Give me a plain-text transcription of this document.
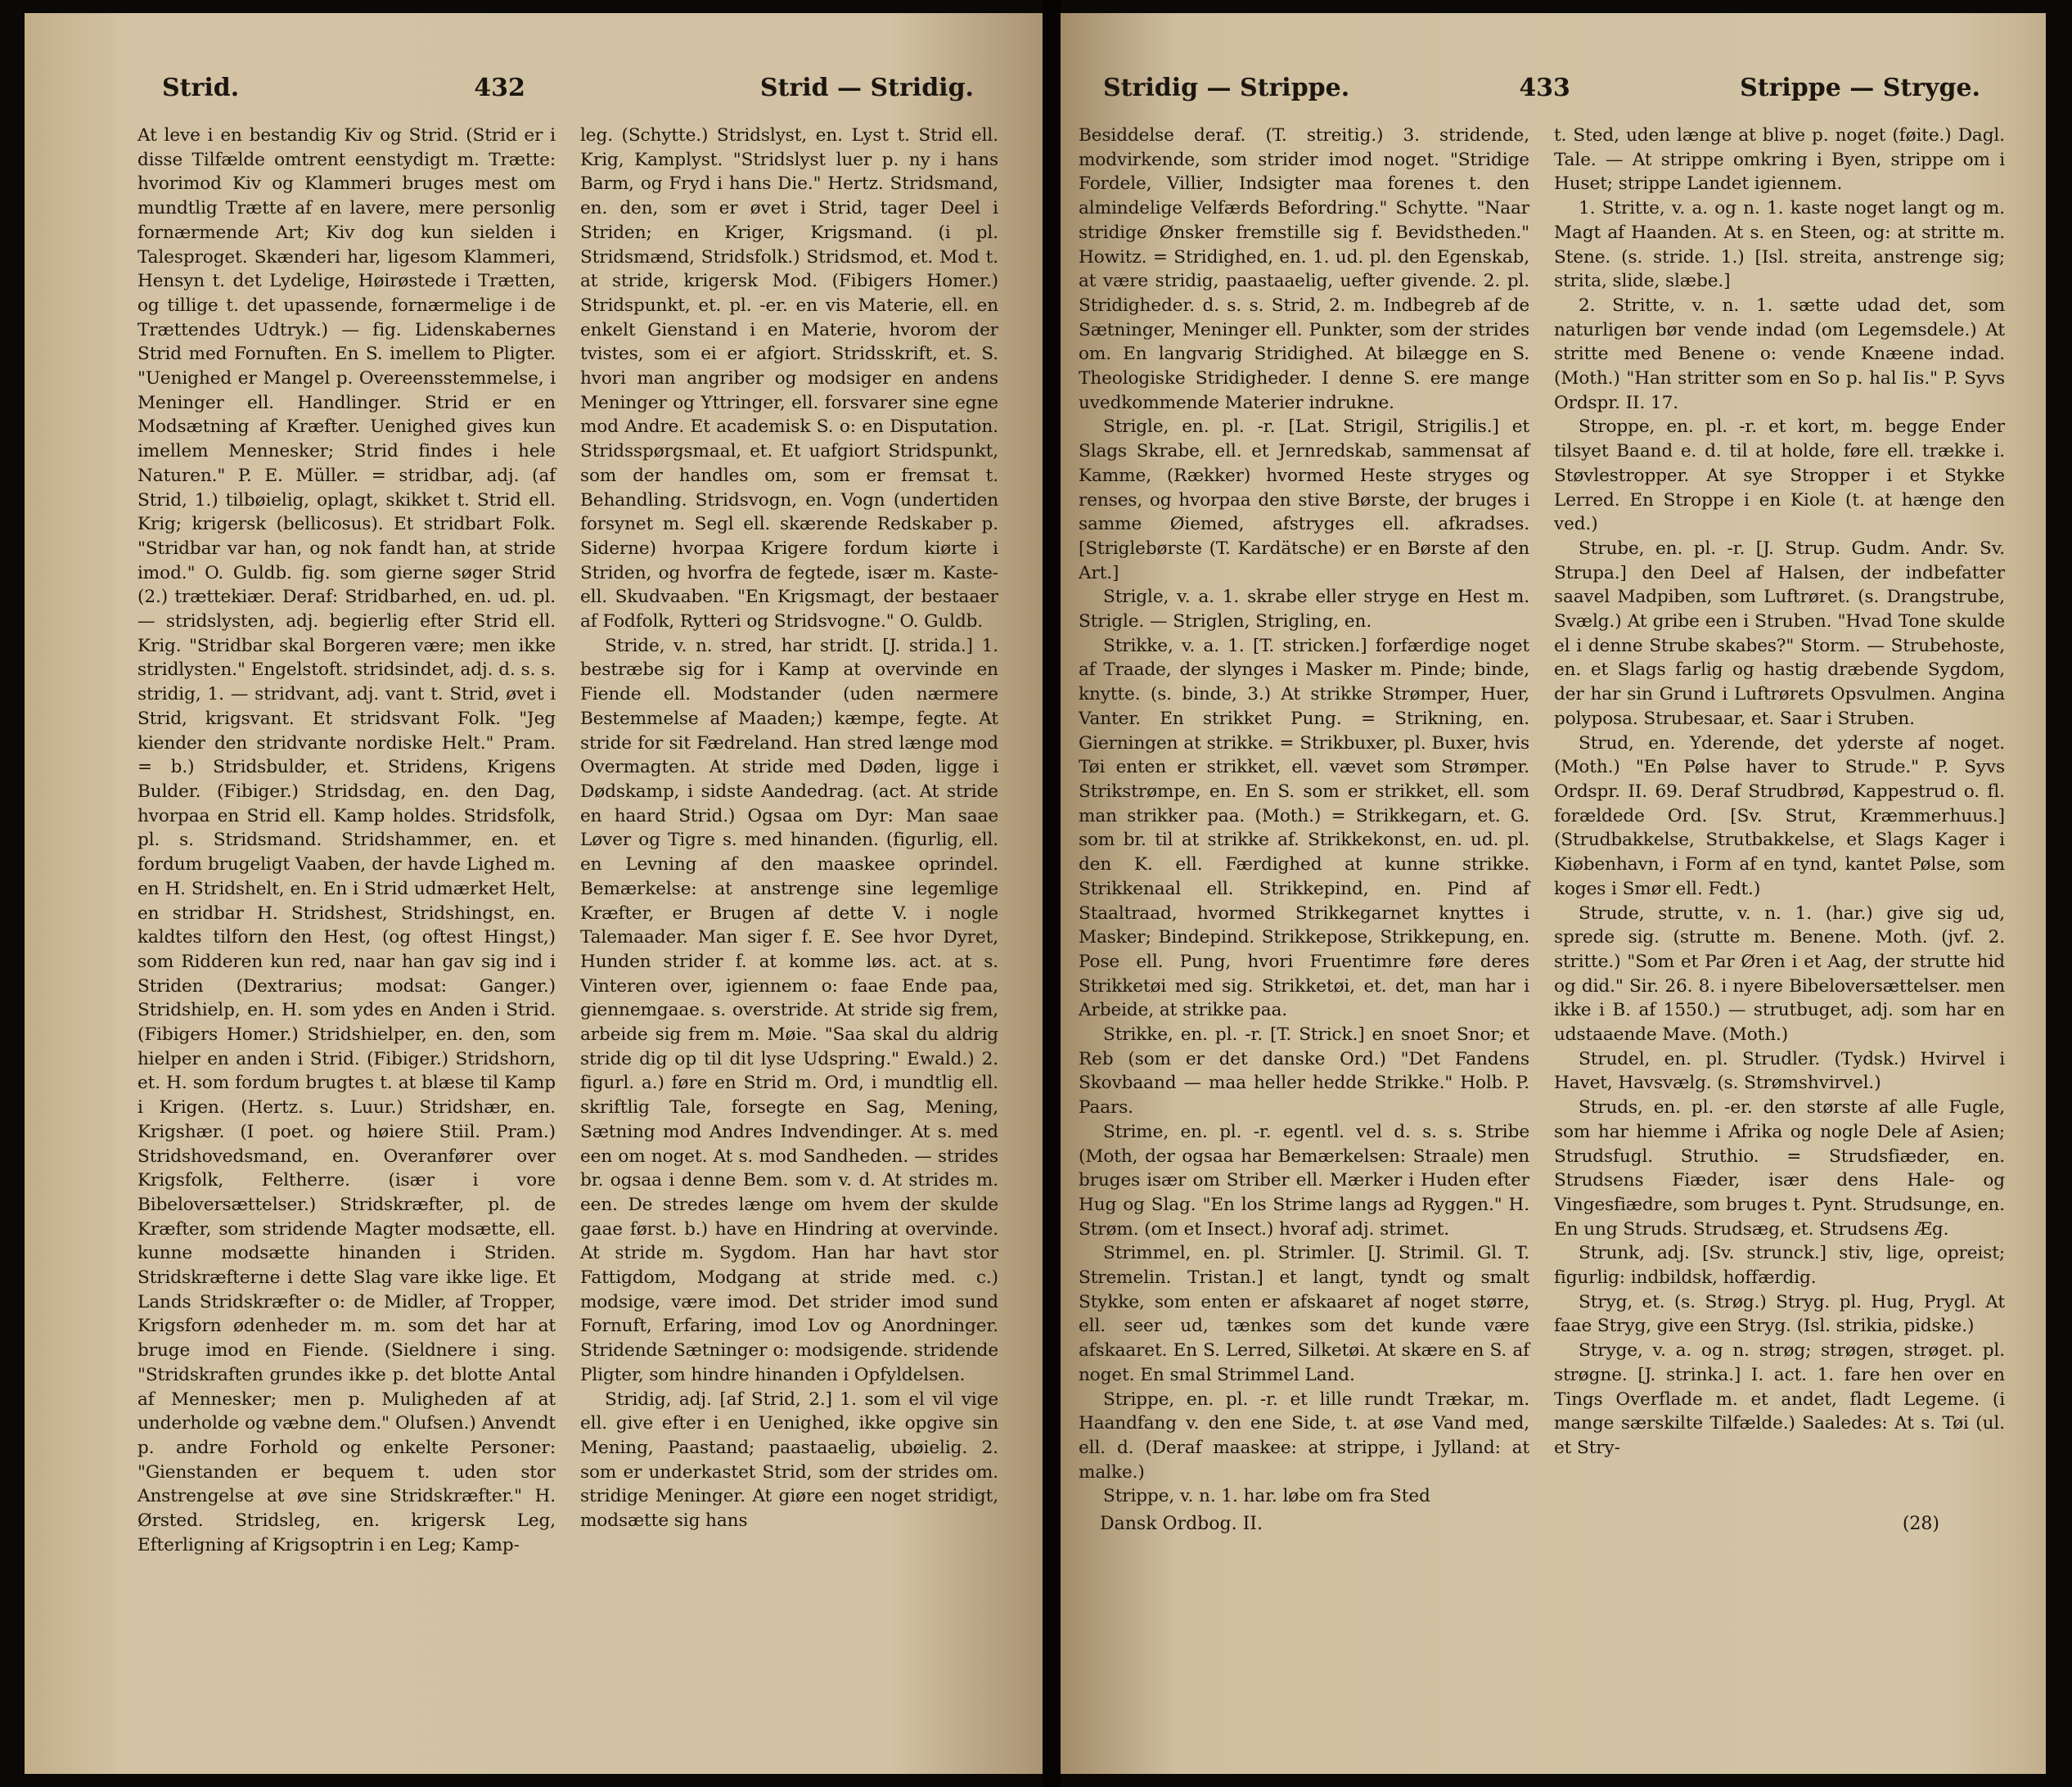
Strid.	432	Strid — Stridig.

At leve i en bestandig Kiv og Strid. (Strid er i disse Tilfælde omtrent eenstydigt m. Trætte: hvorimod Kiv og Klammeri bruges mest om mundtlig Trætte af en lavere, mere personlig fornærmende Art; Kiv dog kun sielden i Talesproget. Skænderi har, ligesom Klammeri, Hensyn t. det Lydelige, Høirøstede i Trætten, og tillige t. det upassende, fornærmelige i de Trættendes Udtryk.) — fig. Lidenskabernes Strid med Fornuften. En S. imellem to Pligter. "Uenighed er Mangel p. Overeensstemmelse, i Meninger ell. Handlinger. Strid er en Modsætning af Kræfter. Uenighed gives kun imellem Mennesker; Strid findes i hele Naturen." P. E. Müller. = stridbar, adj. (af Strid, 1.) tilbøielig, oplagt, skikket t. Strid ell. Krig; krigersk (bellicosus). Et stridbart Folk. "Stridbar var han, og nok fandt han, at stride imod." O. Guldb. fig. som gierne søger Strid (2.) trættekiær. Deraf: Stridbarhed, en. ud. pl. — stridslysten, adj. begierlig efter Strid ell. Krig. "Stridbar skal Borgeren være; men ikke stridlysten." Engelstoft. stridsindet, adj. d. s. s. stridig, 1. — stridvant, adj. vant t. Strid, øvet i Strid, krigsvant. Et stridsvant Folk. "Jeg kiender den stridvante nordiske Helt." Pram. = b.) Stridsbulder, et. Stridens, Krigens Bulder. (Fibiger.) Stridsdag, en. den Dag, hvorpaa en Strid ell. Kamp holdes. Stridsfolk, pl. s. Stridsmand. Stridshammer, en. et fordum brugeligt Vaaben, der havde Lighed m. en H. Stridshelt, en. En i Strid udmærket Helt, en stridbar H. Stridshest, Stridshingst, en. kaldtes tilforn den Hest, (og oftest Hingst,) som Ridderen kun red, naar han gav sig ind i Striden (Dextrarius; modsat: Ganger.) Stridshielp, en. H. som ydes en Anden i Strid. (Fibigers Homer.) Stridshielper, en. den, som hielper en anden i Strid. (Fibiger.) Stridshorn, et. H. som fordum brugtes t. at blæse til Kamp i Krigen. (Hertz. s. Luur.) Stridshær, en. Krigshær. (I poet. og høiere Stiil. Pram.) Stridshovedsmand, en. Overanfører over Krigsfolk, Feltherre. (især i vore Bibeloversættelser.) Stridskræfter, pl. de Kræfter, som stridende Magter modsætte, ell. kunne modsætte hinanden i Striden. Stridskræfterne i dette Slag vare ikke lige. Et Lands Stridskræfter o: de Midler, af Tropper, Krigsforn ødenheder m. m. som det har at bruge imod en Fiende. (Sieldnere i sing. "Stridskraften grundes ikke p. det blotte Antal af Mennesker; men p. Muligheden af at underholde og væbne dem." Olufsen.) Anvendt p. andre Forhold og enkelte Personer: "Gienstanden er bequem t. uden stor Anstrengelse at øve sine Stridskræfter." H. Ørsted. Stridsleg, en. krigersk Leg, Efterligning af Krigsoptrin i en Leg; Kamp-

leg. (Schytte.) Stridslyst, en. Lyst t. Strid ell. Krig, Kamplyst. "Stridslyst luer p. ny i hans Barm, og Fryd i hans Die." Hertz. Stridsmand, en. den, som er øvet i Strid, tager Deel i Striden; en Kriger, Krigsmand. (i pl. Stridsmænd, Stridsfolk.) Stridsmod, et. Mod t. at stride, krigersk Mod. (Fibigers Homer.) Stridspunkt, et. pl. -er. en vis Materie, ell. en enkelt Gienstand i en Materie, hvorom der tvistes, som ei er afgiort. Stridsskrift, et. S. hvori man angriber og modsiger en andens Meninger og Yttringer, ell. forsvarer sine egne mod Andre. Et academisk S. o: en Disputation. Stridsspørgsmaal, et. Et uafgiort Stridspunkt, som der handles om, som er fremsat t. Behandling. Stridsvogn, en. Vogn (undertiden forsynet m. Segl ell. skærende Redskaber p. Siderne) hvorpaa Krigere fordum kiørte i Striden, og hvorfra de fegtede, især m. Kaste- ell. Skudvaaben. "En Krigsmagt, der bestaaer af Fodfolk, Rytteri og Stridsvogne." O. Guldb.

Stride, v. n. stred, har stridt. [J. strida.] 1. bestræbe sig for i Kamp at overvinde en Fiende ell. Modstander (uden nærmere Bestemmelse af Maaden;) kæmpe, fegte. At stride for sit Fædreland. Han stred længe mod Overmagten. At stride med Døden, ligge i Dødskamp, i sidste Aandedrag. (act. At stride en haard Strid.) Ogsaa om Dyr: Man saae Løver og Tigre s. med hinanden. (figurlig, ell. en Levning af den maaskee oprindel. Bemærkelse: at anstrenge sine legemlige Kræfter, er Brugen af dette V. i nogle Talemaader. Man siger f. E. See hvor Dyret, Hunden strider f. at komme løs. act. at s. Vinteren over, igiennem o: faae Ende paa, giennemgaae. s. overstride. At stride sig frem, arbeide sig frem m. Møie. "Saa skal du aldrig stride dig op til dit lyse Udspring." Ewald.) 2. figurl. a.) føre en Strid m. Ord, i mundtlig ell. skriftlig Tale, forsegte en Sag, Mening, Sætning mod Andres Indvendinger. At s. med een om noget. At s. mod Sandheden. — strides br. ogsaa i denne Bem. som v. d. At strides m. een. De stredes længe om hvem der skulde gaae først. b.) have en Hindring at overvinde. At stride m. Sygdom. Han har havt stor Fattigdom, Modgang at stride med. c.) modsige, være imod. Det strider imod sund Fornuft, Erfaring, imod Lov og Anordninger. Stridende Sætninger o: modsigende. stridende Pligter, som hindre hinanden i Opfyldelsen.

Stridig, adj. [af Strid, 2.] 1. som el vil vige ell. give efter i en Uenighed, ikke opgive sin Mening, Paastand; paastaaelig, ubøielig. 2. som er underkastet Strid, som der strides om. stridige Meninger. At giøre een noget stridigt, modsætte sig hans

Stridig — Strippe.	433	Strippe — Stryge.

Besiddelse deraf. (T. streitig.) 3. stridende, modvirkende, som strider imod noget. "Stridige Fordele, Villier, Indsigter maa forenes t. den almindelige Velfærds Befordring." Schytte. "Naar stridige Ønsker fremstille sig f. Bevidstheden." Howitz. = Stridighed, en. 1. ud. pl. den Egenskab, at være stridig, paastaaelig, uefter givende. 2. pl. Stridigheder. d. s. s. Strid, 2. m. Indbegreb af de Sætninger, Meninger ell. Punkter, som der strides om. En langvarig Stridighed. At bilægge en S. Theologiske Stridigheder. I denne S. ere mange uvedkommende Materier indrukne.

Strigle, en. pl. -r. [Lat. Strigil, Strigilis.] et Slags Skrabe, ell. et Jernredskab, sammensat af Kamme, (Rækker) hvormed Heste stryges og renses, og hvorpaa den stive Børste, der bruges i samme Øiemed, afstryges ell. afkradses. [Striglebørste (T. Kardätsche) er en Børste af den Art.]

Strigle, v. a. 1. skrabe eller stryge en Hest m. Strigle. — Striglen, Strigling, en.

Strikke, v. a. 1. [T. stricken.] forfærdige noget af Traade, der slynges i Masker m. Pinde; binde, knytte. (s. binde, 3.) At strikke Strømper, Huer, Vanter. En strikket Pung. = Strikning, en. Gierningen at strikke. = Strikbuxer, pl. Buxer, hvis Tøi enten er strikket, ell. vævet som Strømper. Strikstrømpe, en. En S. som er strikket, ell. som man strikker paa. (Moth.) = Strikkegarn, et. G. som br. til at strikke af. Strikkekonst, en. ud. pl. den K. ell. Færdighed at kunne strikke. Strikkenaal ell. Strikkepind, en. Pind af Staaltraad, hvormed Strikkegarnet knyttes i Masker; Bindepind. Strikkepose, Strikkepung, en. Pose ell. Pung, hvori Fruentimre føre deres Strikketøi med sig. Strikketøi, et. det, man har i Arbeide, at strikke paa.

Strikke, en. pl. -r. [T. Strick.] en snoet Snor; et Reb (som er det danske Ord.) "Det Fandens Skovbaand — maa heller hedde Strikke." Holb. P. Paars.

Strime, en. pl. -r. egentl. vel d. s. s. Stribe (Moth, der ogsaa har Bemærkelsen: Straale) men bruges især om Striber ell. Mærker i Huden efter Hug og Slag. "En los Strime langs ad Ryggen." H. Strøm. (om et Insect.) hvoraf adj. strimet.

Strimmel, en. pl. Strimler. [J. Strimil. Gl. T. Stremelin. Tristan.] et langt, tyndt og smalt Stykke, som enten er afskaaret af noget større, ell. seer ud, tænkes som det kunde være afskaaret. En S. Lerred, Silketøi. At skære en S. af noget. En smal Strimmel Land.

Strippe, en. pl. -r. et lille rundt Trækar, m. Haandfang v. den ene Side, t. at øse Vand med, ell. d. (Deraf maaskee: at strippe, i Jylland: at malke.)

Strippe, v. n. 1. har. løbe om fra Sted

t. Sted, uden længe at blive p. noget (føite.) Dagl. Tale. — At strippe omkring i Byen, strippe om i Huset; strippe Landet igiennem.

1. Stritte, v. a. og n. 1. kaste noget langt og m. Magt af Haanden. At s. en Steen, og: at stritte m. Stene. (s. stride. 1.) [Isl. streita, anstrenge sig; strita, slide, slæbe.]

2. Stritte, v. n. 1. sætte udad det, som naturligen bør vende indad (om Legemsdele.) At stritte med Benene o: vende Knæene indad. (Moth.) "Han stritter som en So p. hal Iis." P. Syvs Ordspr. II. 17.

Stroppe, en. pl. -r. et kort, m. begge Ender tilsyet Baand e. d. til at holde, føre ell. trække i. Støvlestropper. At sye Stropper i et Stykke Lerred. En Stroppe i en Kiole (t. at hænge den ved.)

Strube, en. pl. -r. [J. Strup. Gudm. Andr. Sv. Strupa.] den Deel af Halsen, der indbefatter saavel Madpiben, som Luftrøret. (s. Drangstrube, Svælg.) At gribe een i Struben. "Hvad Tone skulde el i denne Strube skabes?" Storm. — Strubehoste, en. et Slags farlig og hastig dræbende Sygdom, der har sin Grund i Luftrørets Opsvulmen. Angina polyposa. Strubesaar, et. Saar i Struben.

Strud, en. Yderende, det yderste af noget. (Moth.) "En Pølse haver to Strude." P. Syvs Ordspr. II. 69. Deraf Strudbrød, Kappestrud o. fl. forældede Ord. [Sv. Strut, Kræmmerhuus.] (Strudbakkelse, Strutbakkelse, et Slags Kager i Kiøbenhavn, i Form af en tynd, kantet Pølse, som koges i Smør ell. Fedt.)

Strude, strutte, v. n. 1. (har.) give sig ud, sprede sig. (strutte m. Benene. Moth. (jvf. 2. stritte.) "Som et Par Øren i et Aag, der strutte hid og did." Sir. 26. 8. i nyere Bibeloversættelser. men ikke i B. af 1550.) — strutbuget, adj. som har en udstaaende Mave. (Moth.)

Strudel, en. pl. Strudler. (Tydsk.) Hvirvel i Havet, Havsvælg. (s. Strømshvirvel.)

Struds, en. pl. -er. den største af alle Fugle, som har hiemme i Afrika og nogle Dele af Asien; Strudsfugl. Struthio. = Strudsfiæder, en. Strudsens Fiæder, især dens Hale- og Vingesfiædre, som bruges t. Pynt. Strudsunge, en. En ung Struds. Strudsæg, et. Strudsens Æg.

Strunk, adj. [Sv. strunck.] stiv, lige, opreist; figurlig: indbildsk, hoffærdig.

Stryg, et. (s. Strøg.) Stryg. pl. Hug, Prygl. At faae Stryg, give een Stryg. (Isl. strikia, pidske.)

Stryge, v. a. og n. strøg; strøgen, strøget. pl. strøgne. [J. strinka.] I. act. 1. fare hen over en Tings Overflade m. et andet, fladt Legeme. (i mange særskilte Tilfælde.) Saaledes: At s. Tøi (ul. et Stry-

Dansk Ordbog. II.	(28)
